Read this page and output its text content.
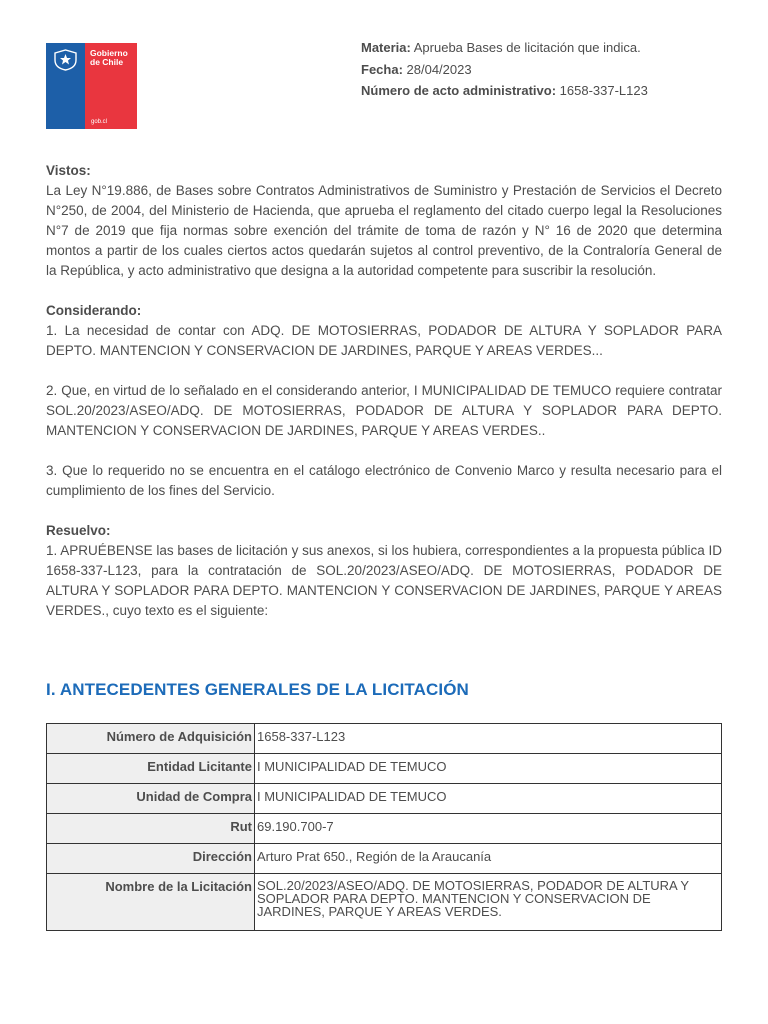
Gobierno
de Chile
gob.cl
Materia: Aprueba Bases de licitación que indica.
Fecha: 28/04/2023
Número de acto administrativo: 1658-337-L123

Vistos:

La Ley N°19.886, de Bases sobre Contratos Administrativos de Suministro y Prestación de Servicios el Decreto N°250, de 2004, del Ministerio de Hacienda, que aprueba el reglamento del citado cuerpo legal la Resoluciones N°7 de 2019 que fija normas sobre exención del trámite de toma de razón y N° 16 de 2020 que determina montos a partir de los cuales ciertos actos quedarán sujetos al control preventivo, de la Contraloría General de la República, y acto administrativo que designa a la autoridad competente para suscribir la resolución.

Considerando:

1. La necesidad de contar con ADQ. DE MOTOSIERRAS, PODADOR DE ALTURA Y SOPLADOR PARA DEPTO. MANTENCION Y CONSERVACION DE JARDINES, PARQUE Y AREAS VERDES...

2. Que, en virtud de lo señalado en el considerando anterior, I MUNICIPALIDAD DE TEMUCO requiere contratar SOL.20/2023/ASEO/ADQ. DE MOTOSIERRAS, PODADOR DE ALTURA Y SOPLADOR PARA DEPTO. MANTENCION Y CONSERVACION DE JARDINES, PARQUE Y AREAS VERDES..

3. Que lo requerido no se encuentra en el catálogo electrónico de Convenio Marco y resulta necesario para el cumplimiento de los fines del Servicio.

Resuelvo:

1. APRUÉBENSE las bases de licitación y sus anexos, si los hubiera, correspondientes a la propuesta pública ID 1658-337-L123, para la contratación de SOL.20/2023/ASEO/ADQ. DE MOTOSIERRAS, PODADOR DE ALTURA Y SOPLADOR PARA DEPTO. MANTENCION Y CONSERVACION DE JARDINES, PARQUE Y AREAS VERDES., cuyo texto es el siguiente:

I. ANTECEDENTES GENERALES DE LA LICITACIÓN
Número de Adquisición	1658-337-L123
Entidad Licitante	I MUNICIPALIDAD DE TEMUCO
Unidad de Compra	I MUNICIPALIDAD DE TEMUCO
Rut	69.190.700-7
Dirección	Arturo Prat 650., Región de la Araucanía
Nombre de la Licitación	SOL.20/2023/ASEO/ADQ. DE MOTOSIERRAS, PODADOR DE ALTURA Y SOPLADOR PARA DEPTO. MANTENCION Y CONSERVACION DE JARDINES, PARQUE Y AREAS VERDES.
